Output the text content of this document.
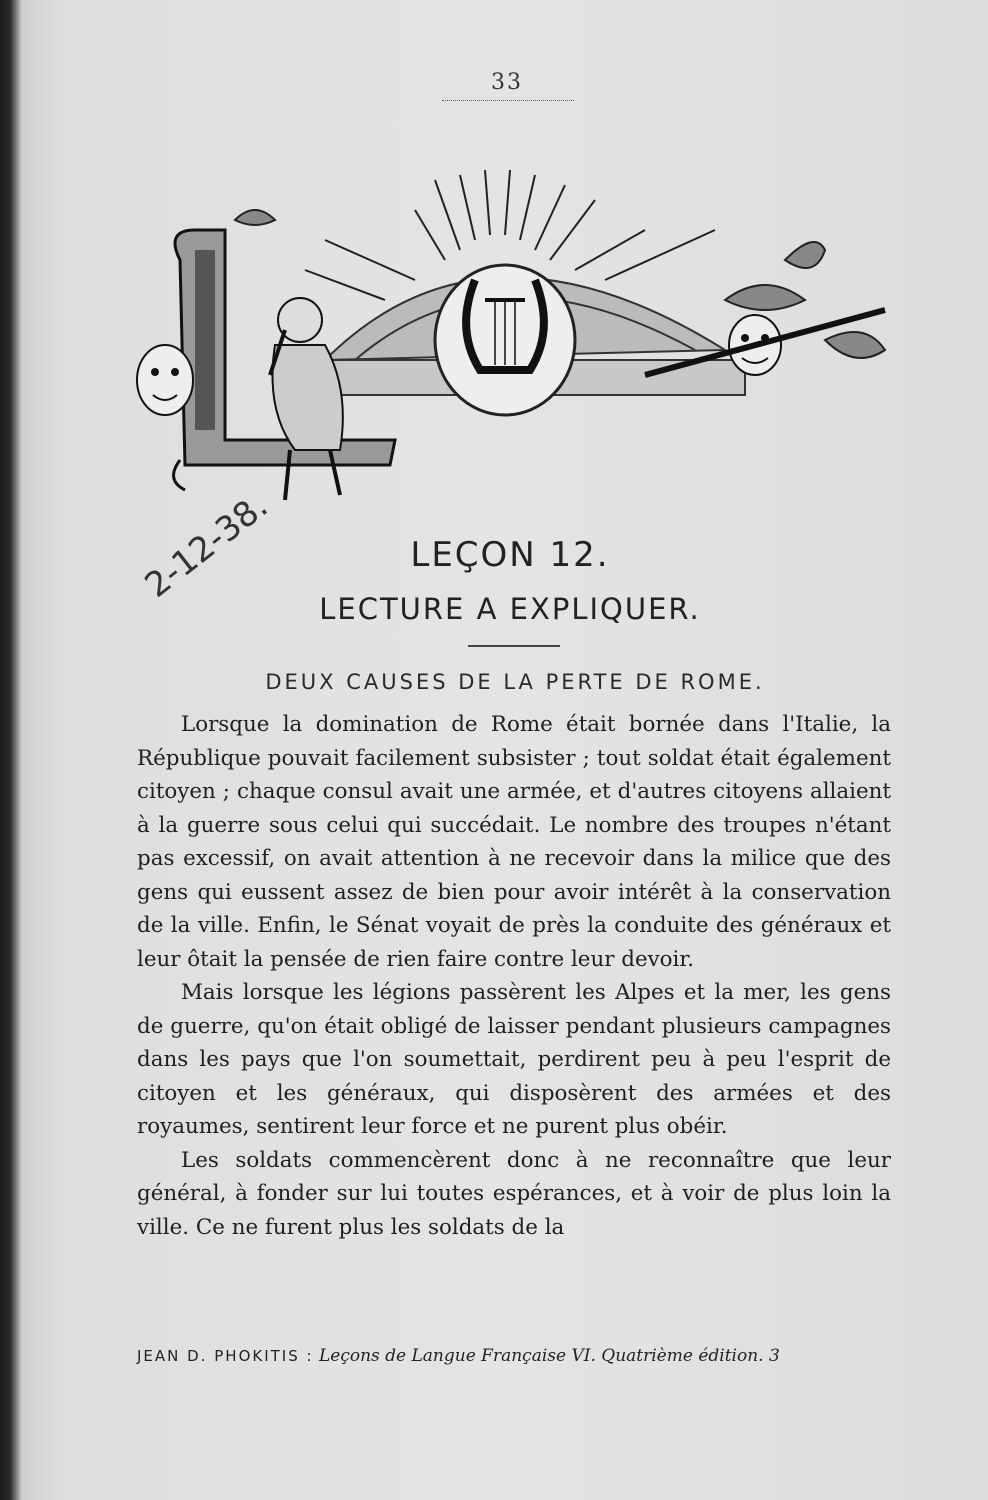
33
2-12-38.	LEÇON 12.
LECTURE A EXPLIQUER.
DEUX CAUSES DE LA PERTE DE ROME.

Lorsque la domination de Rome était bornée dans l'Italie, la République pouvait facilement subsister ; tout soldat était également citoyen ; chaque consul avait une armée, et d'autres citoyens allaient à la guerre sous celui qui succédait. Le nombre des troupes n'étant pas excessif, on avait attention à ne recevoir dans la milice que des gens qui eussent assez de bien pour avoir intérêt à la conservation de la ville. Enfin, le Sénat voyait de près la conduite des généraux et leur ôtait la pensée de rien faire contre leur devoir.

Mais lorsque les légions passèrent les Alpes et la mer, les gens de guerre, qu'on était obligé de laisser pendant plusieurs campagnes dans les pays que l'on soumettait, perdirent peu à peu l'esprit de citoyen et les généraux, qui disposèrent des armées et des royaumes, sentirent leur force et ne purent plus obéir.

Les soldats commencèrent donc à ne reconnaître que leur général, à fonder sur lui toutes espérances, et à voir de plus loin la ville. Ce ne furent plus les soldats de la

JEAN D. PHOKITIS : Leçons de Langue Française VI. Quatrième édition. 3
